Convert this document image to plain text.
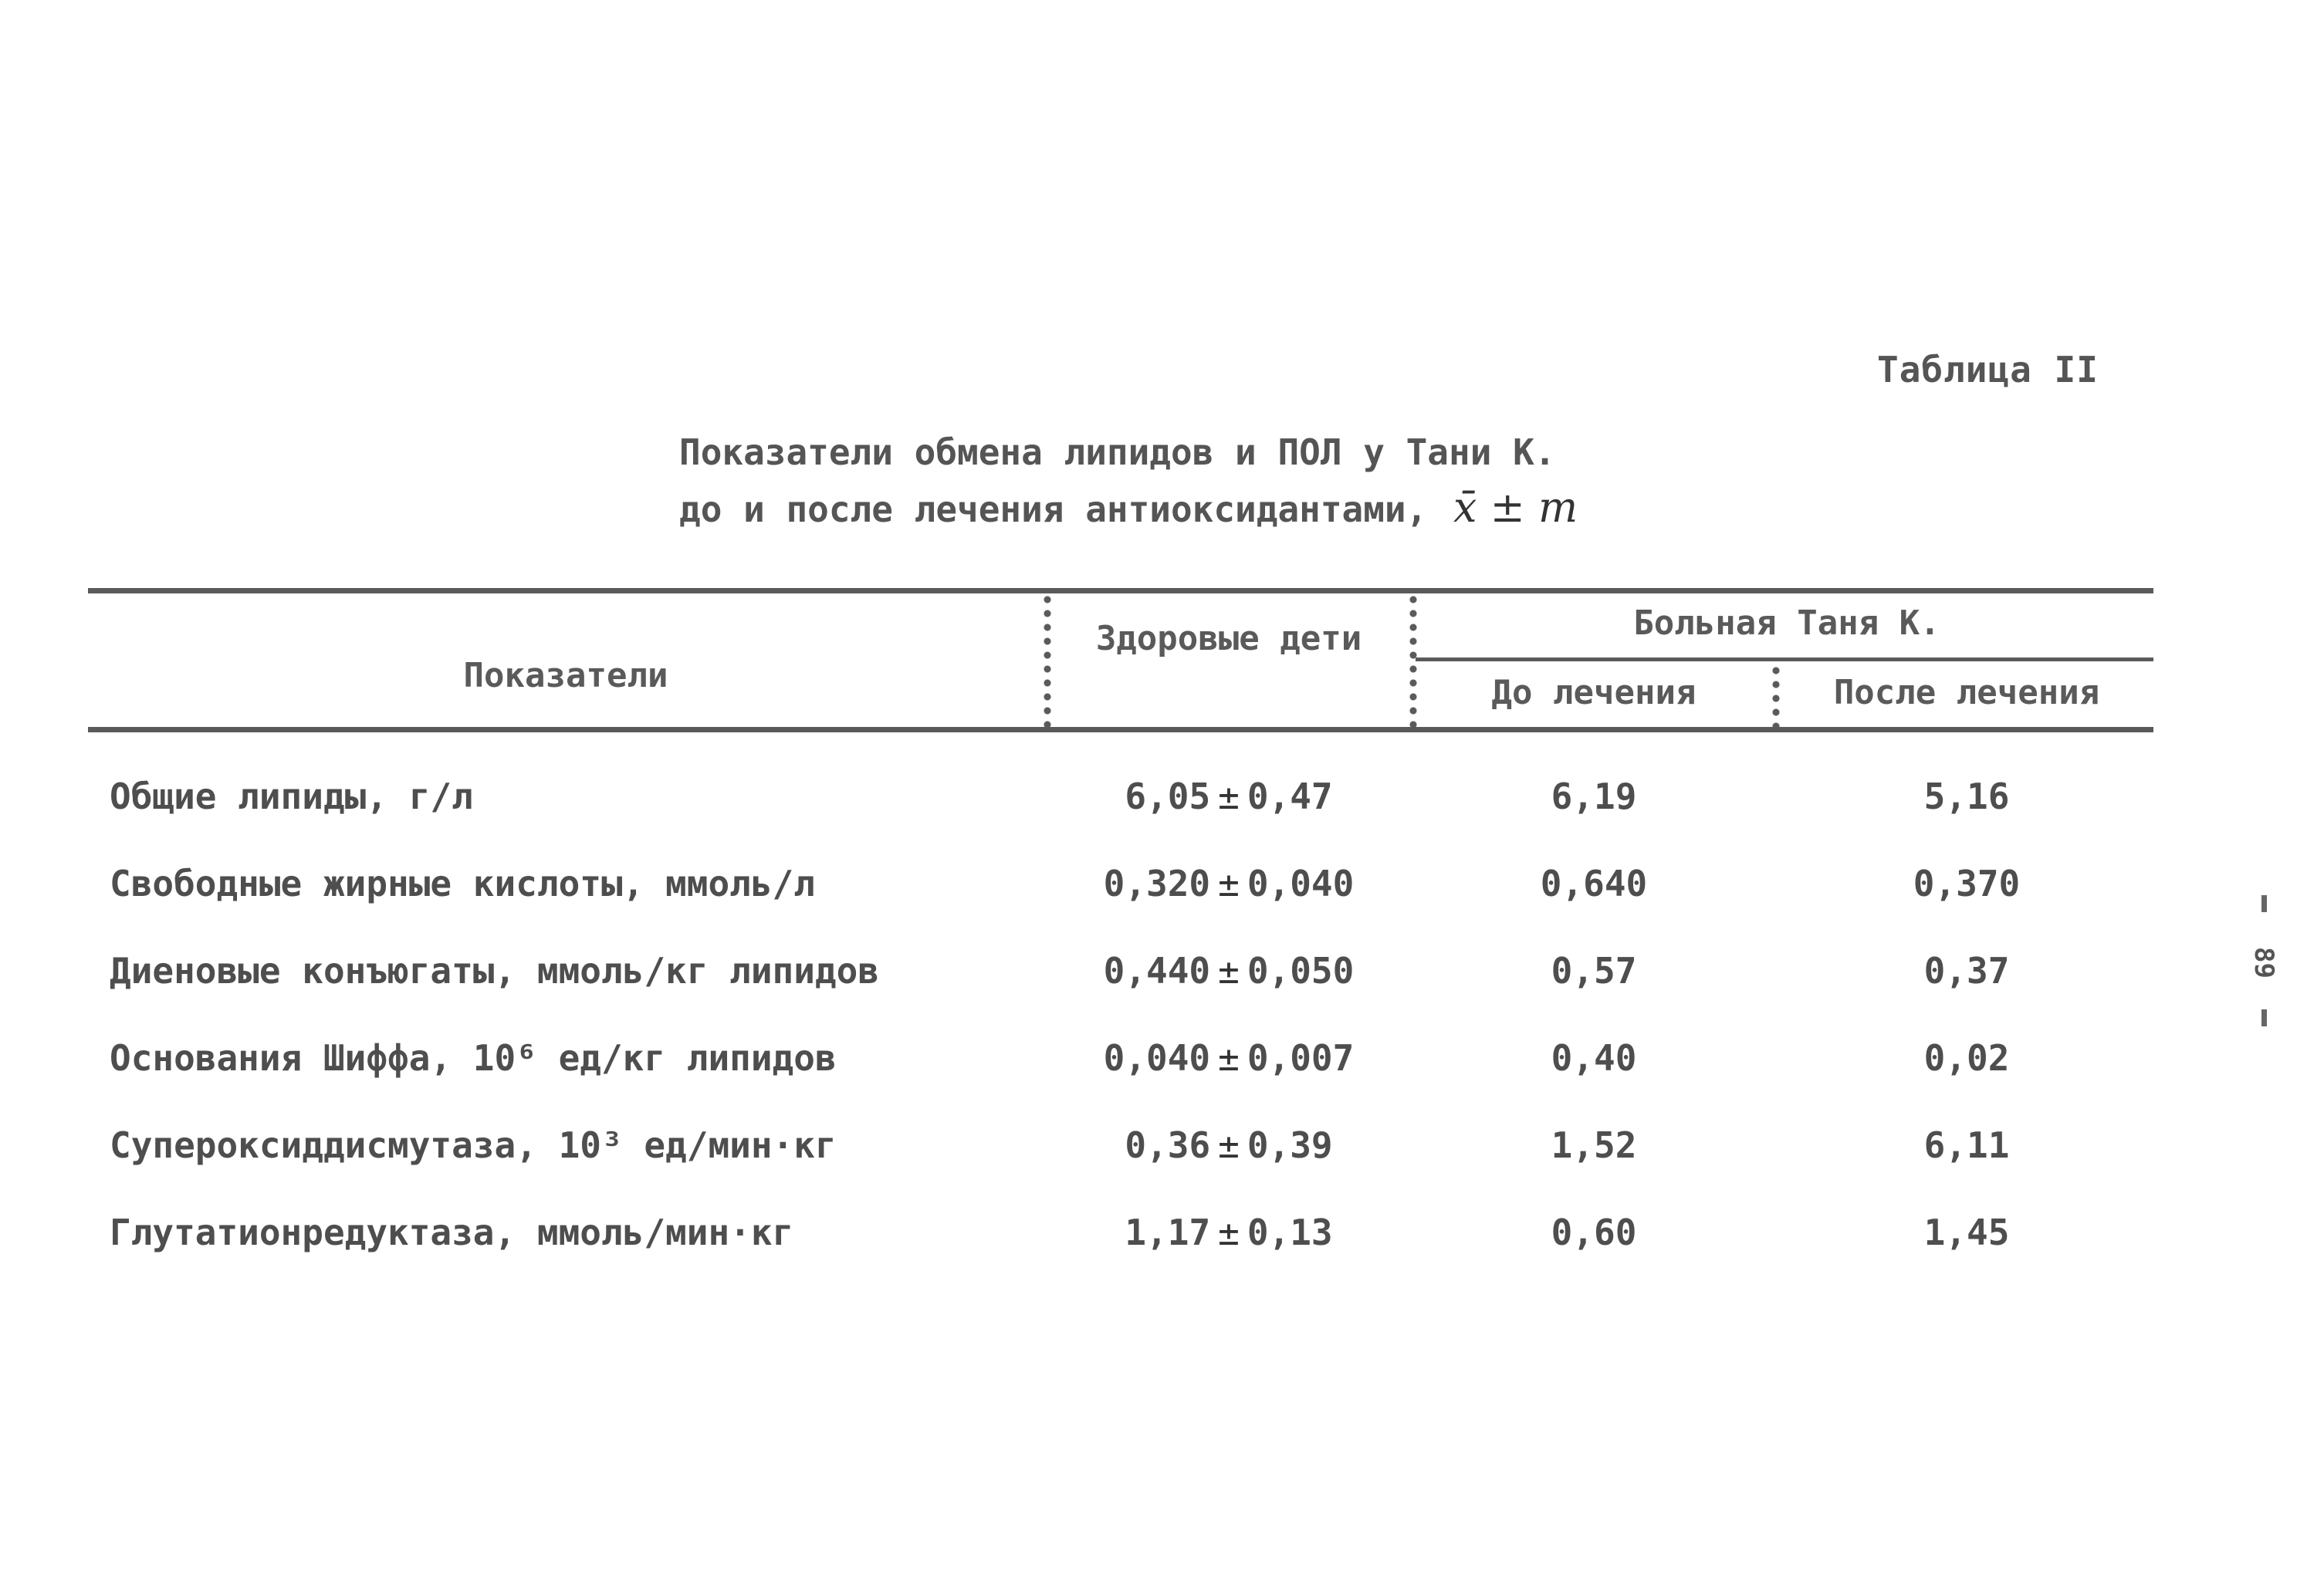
Таблица II
Показатели обмена липидов и ПОЛ у Тани К.
до и после лечения антиоксидантами, x̄ ± m
Показатели
Здоровые дети	Больная Таня К.
До лечения	После лечения
Общие липиды, г/л	6,05 ± 0,47	6,19	5,16
Свободные жирные кислоты, ммоль/л	0,320 ± 0,040	0,640	0,370
Диеновые конъюгаты, ммоль/кг липидов	0,440 ± 0,050	0,57	0,37
Основания Шиффа, 10⁶ ед/кг липидов	0,040 ± 0,007	0,40	0,02
Супероксиддисмутаза, 10³ ед/мин·кг	0,36 ± 0,39	1,52	6,11
Глутатионредуктаза, ммоль/мин·кг	1,17 ± 0,13	0,60	1,45
89
